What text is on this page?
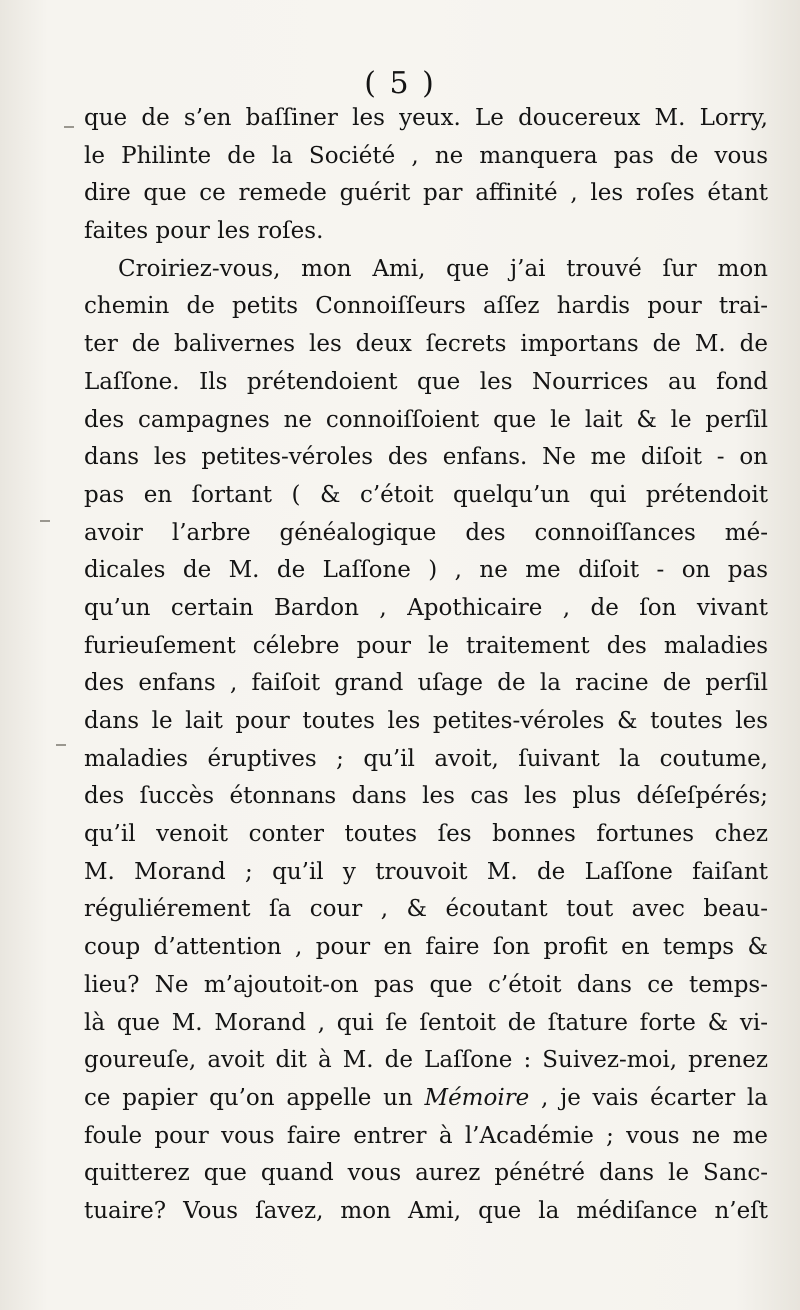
( 5 )
que de s’en baſſiner les yeux. Le doucereux M. Lorry,
le Philinte de la Société , ne manquera pas de vous
dire que ce remede guérit par affinité , les roſes étant
faites pour les roſes.
Croiriez-vous, mon Ami, que j’ai trouvé ſur mon
chemin de petits Connoiſſeurs aſſez hardis pour trai-
ter de balivernes les deux ſecrets importans de M. de
Laſſone. Ils prétendoient que les Nourrices au fond
des campagnes ne connoiſſoient que le lait & le perſil
dans les petites-véroles des enfans. Ne me diſoit - on
pas en ſortant ( & c’étoit quelqu’un qui prétendoit
avoir l’arbre généalogique des connoiſſances mé-
dicales de M. de Laſſone ) , ne me diſoit - on pas
qu’un certain Bardon , Apothicaire , de ſon vivant
furieuſement célebre pour le traitement des maladies
des enfans , faiſoit grand uſage de la racine de perſil
dans le lait pour toutes les petites-véroles & toutes les
maladies éruptives ; qu’il avoit, ſuivant la coutume,
des ſuccès étonnans dans les cas les plus déſeſpérés;
qu’il venoit conter toutes ſes bonnes fortunes chez
M. Morand ; qu’il y trouvoit M. de Laſſone faiſant
réguliérement ſa cour , & écoutant tout avec beau-
coup d’attention , pour en faire ſon profit en temps &
lieu? Ne m’ajoutoit-on pas que c’étoit dans ce temps-
là que M. Morand , qui ſe ſentoit de ſtature forte & vi-
goureuſe, avoit dit à M. de Laſſone : Suivez-moi, prenez
ce papier qu’on appelle un Mémoire , je vais écarter la
foule pour vous faire entrer à l’Académie ; vous ne me
quitterez que quand vous aurez pénétré dans le Sanc-
tuaire? Vous ſavez, mon Ami, que la médiſance n’eſt
